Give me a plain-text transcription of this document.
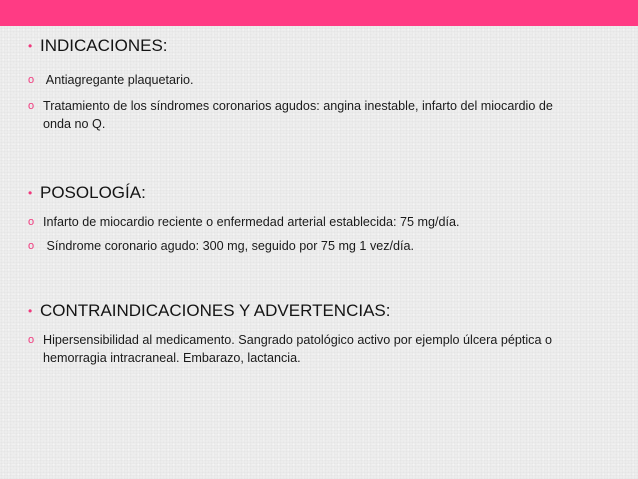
• INDICACIONES:
o Antiagregante plaquetario.
o Tratamiento de los síndromes coronarios agudos: angina inestable, infarto del miocardio de onda no Q.
• POSOLOGÍA:
o Infarto de miocardio reciente o enfermedad arterial establecida: 75 mg/día.
o Síndrome coronario agudo: 300 mg, seguido por 75 mg 1 vez/día.
• CONTRAINDICACIONES Y ADVERTENCIAS:
o Hipersensibilidad al medicamento. Sangrado patológico activo por ejemplo úlcera péptica o hemorragia intracraneal. Embarazo, lactancia.
